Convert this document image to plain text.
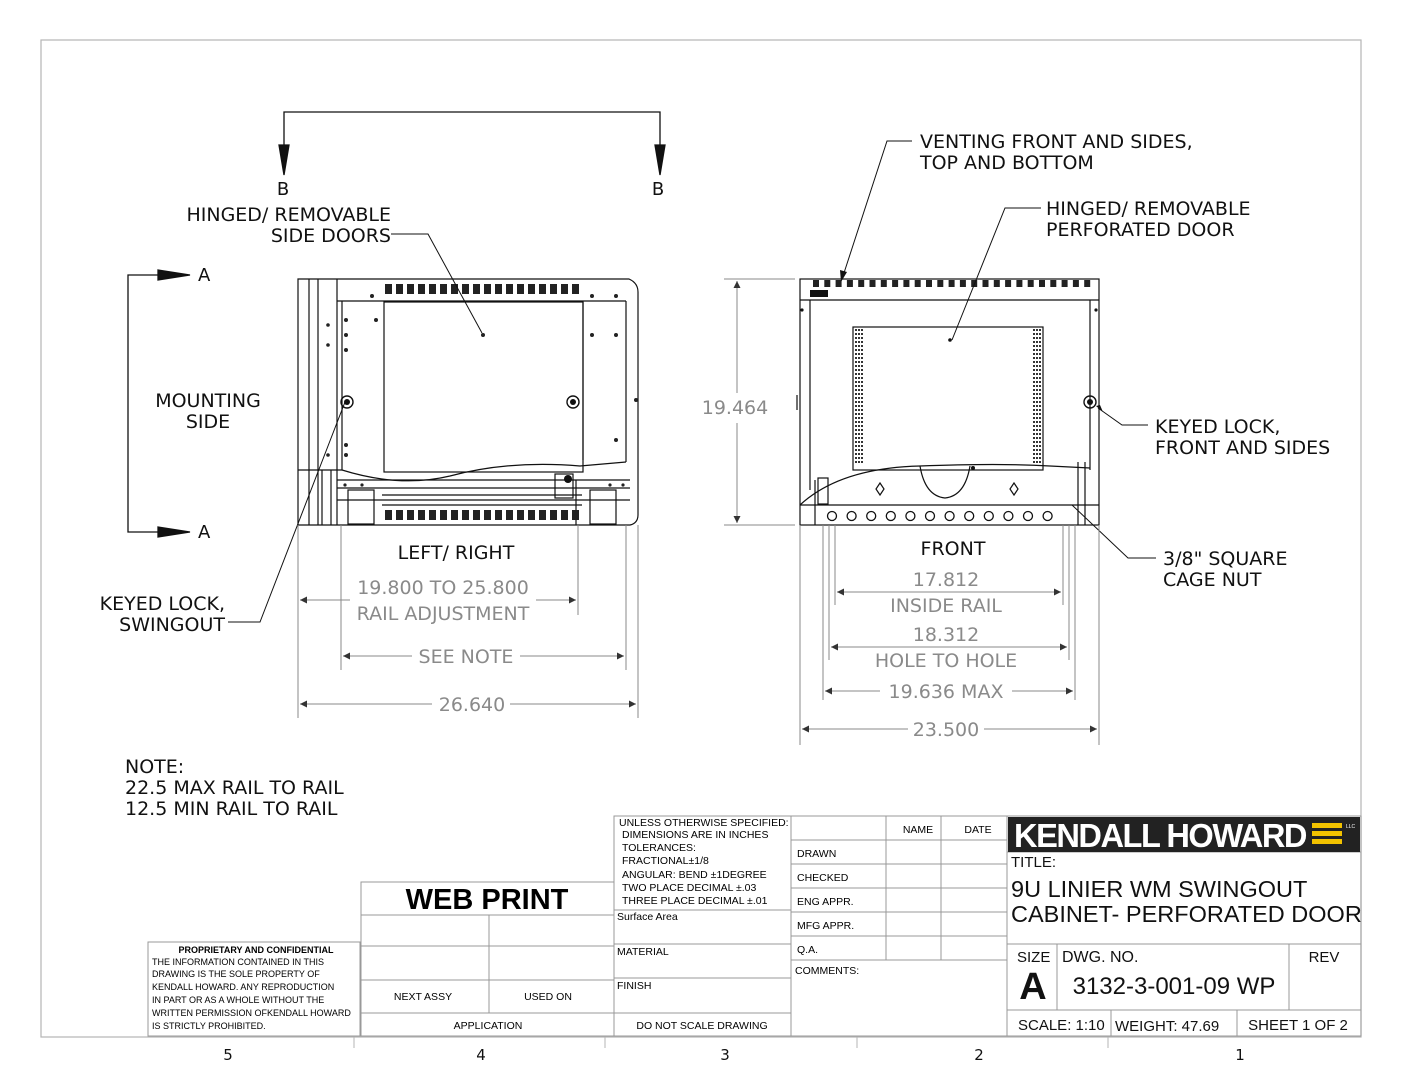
5	4	3	2	1
B	B
A
A
19.464
19.800 TO 25.800
RAIL ADJUSTMENT
SEE NOTE
26.640
17.812
INSIDE RAIL
18.312
HOLE TO HOLE
19.636 MAX
23.500
HINGED/ REMOVABLE
SIDE DOORS
MOUNTING
SIDE
KEYED LOCK,
SWINGOUT
LEFT/ RIGHT
VENTING FRONT AND SIDES,
TOP AND BOTTOM
HINGED/ REMOVABLE
PERFORATED DOOR
KEYED LOCK,
FRONT AND SIDES
FRONT	3/8" SQUARE
CAGE NUT
NOTE:
22.5 MAX RAIL TO RAIL
12.5 MIN RAIL TO RAIL
PROPRIETARY AND CONFIDENTIAL
THE INFORMATION CONTAINED IN THIS
DRAWING IS THE SOLE PROPERTY OF
KENDALL HOWARD. ANY REPRODUCTION
IN PART OR AS A WHOLE WITHOUT THE
WRITTEN PERMISSION OFKENDALL HOWARD
IS STRICTLY PROHIBITED.
KENDALL HOWARD	LLC
WEB PRINT
NEXT ASSY	USED ON
APPLICATION
UNLESS OTHERWISE SPECIFIED:
DIMENSIONS ARE IN INCHES
TOLERANCES:
FRACTIONAL±1/8
ANGULAR: BEND ±1DEGREE
TWO PLACE DECIMAL ±.03
THREE PLACE DECIMAL ±.01
Surface Area
MATERIAL
FINISH
DO NOT SCALE DRAWING
NAME	DATE
DRAWN
CHECKED
ENG APPR.
MFG APPR.
Q.A.
COMMENTS:
TITLE:
9U LINIER WM SWINGOUT
CABINET- PERFORATED DOOR
SIZE
A
DWG. NO.
3132-3-001-09 WP
REV
SCALE: 1:10 WEIGHT: 47.69 SHEET 1 OF 2
